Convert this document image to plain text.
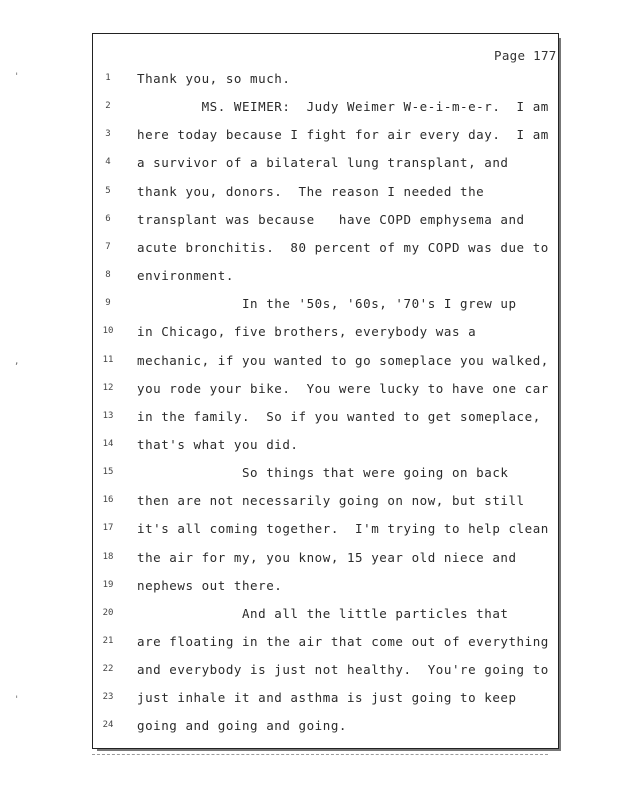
'
,
'
Page 177
1	Thank you, so much.
2	MS. WEIMER:  Judy Weimer W-e-i-m-e-r.  I am
3	here today because I fight for air every day.  I am
4	a survivor of a bilateral lung transplant, and
5	thank you, donors.  The reason I needed the
6	transplant was because   have COPD emphysema and
7	acute bronchitis.  80 percent of my COPD was due to
8	environment.
9	In the '50s, '60s, '70's I grew up
10	in Chicago, five brothers, everybody was a
11	mechanic, if you wanted to go someplace you walked,
12	you rode your bike.  You were lucky to have one car
13	in the family.  So if you wanted to get someplace,
14	that's what you did.
15	So things that were going on back
16	then are not necessarily going on now, but still
17	it's all coming together.  I'm trying to help clean
18	the air for my, you know, 15 year old niece and
19	nephews out there.
20	And all the little particles that
21	are floating in the air that come out of everything
22	and everybody is just not healthy.  You're going to
23	just inhale it and asthma is just going to keep
24	going and going and going.
